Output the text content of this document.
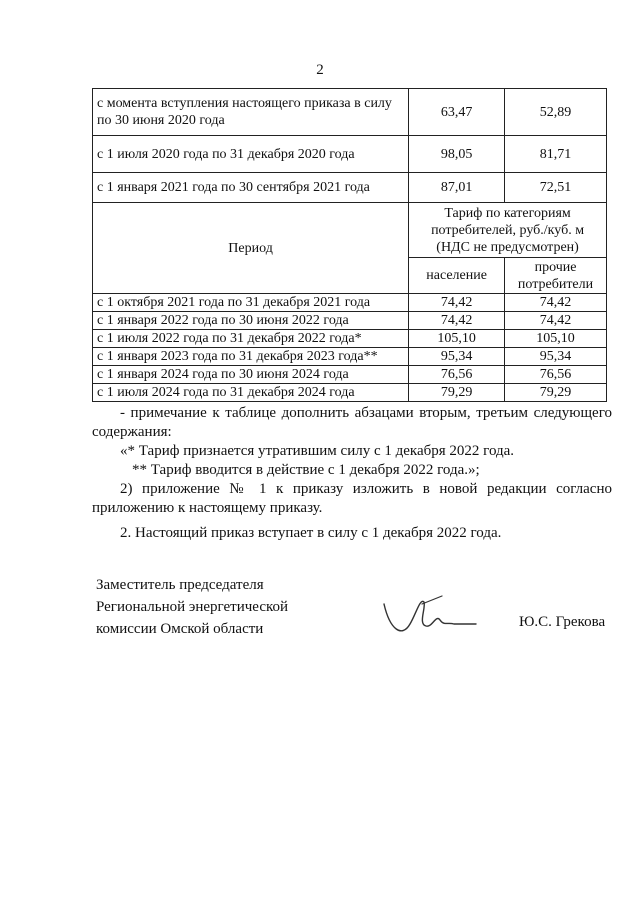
2
с момента вступления настоящего приказа в силу по 30 июня 2020 года	63,47	52,89
с 1 июля 2020 года по 31 декабря 2020 года	98,05	81,71
с 1 января 2021 года по 30 сентября 2021 года	87,01	72,51
Период	Тариф по категориям потребителей, руб./куб. м (НДС не предусмотрен)	
	население	прочие потребители
с 1 октября 2021 года по 31 декабря 2021 года	74,42	74,42
с 1 января 2022 года по 30 июня 2022 года	74,42	74,42
с 1 июля 2022 года по 31 декабря 2022 года*	105,10	105,10
с 1 января 2023 года по 31 декабря 2023 года**	95,34	95,34
с 1 января 2024 года по 30 июня 2024 года	76,56	76,56
с 1 июля 2024 года по 31 декабря 2024 года	79,29	79,29

- примечание к таблице дополнить абзацами вторым, третьим следующего содержания:

«* Тариф признается утратившим силу с 1 декабря 2022 года.

** Тариф вводится в действие с 1 декабря 2022 года.»;

2) приложение № 1 к приказу изложить в новой редакции согласно приложению к настоящему приказу.

2. Настоящий приказ вступает в силу с 1 декабря 2022 года.

Заместитель председателя
Региональной энергетической
комиссии Омской области	Ю.С. Грекова
